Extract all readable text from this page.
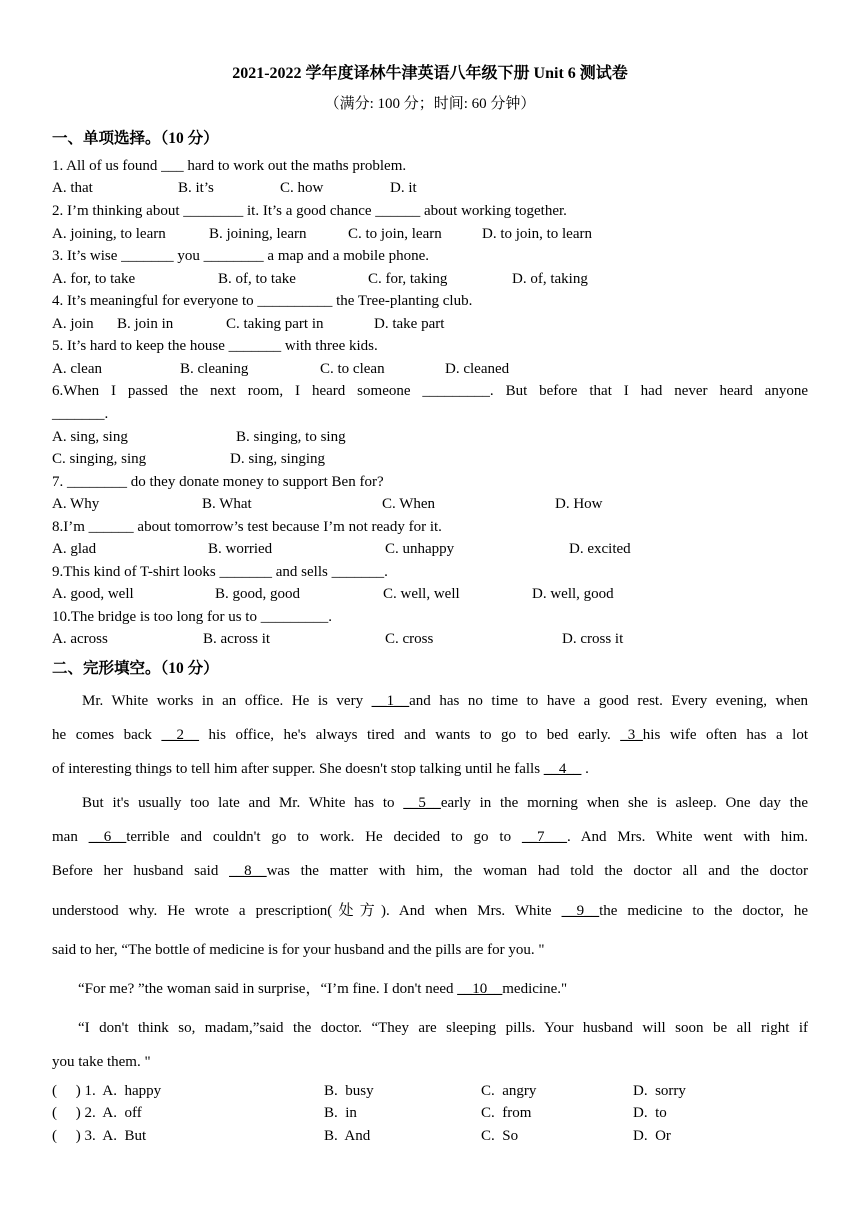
2021-2022 学年度译林牛津英语八年级下册 Unit 6 测试卷
（满分: 100 分；时间: 60 分钟）
一、单项选择。（10 分）
1. All of us found ___ hard to work out the maths problem.
A. that	B. it’s	C. how	D. it
2. I’m thinking about ________ it. It’s a good chance ______ about working together.
A. joining, to learn	B. joining, learn	C. to join, learn	D. to join, to learn
3. It’s wise _______ you ________ a map and a mobile phone.
A. for, to take	B. of, to take	C. for, taking	D. of, taking
4. It’s meaningful for everyone to __________ the Tree-planting club.
A. join B. join in	C. taking part in	D. take part
5. It’s hard to keep the house _______ with three kids.
A. clean	B. cleaning	C. to clean	D. cleaned
6.When I passed the next room, I heard someone _________. But before that I had never heard anyone
_______.
A. sing, sing	B. singing, to sing
C. singing, sing	D. sing, singing
7. ________ do they donate money to support Ben for?
A. Why	B. What	C. When	D. How
8.I’m ______ about tomorrow’s test because I’m not ready for it.
A. glad	B. worried	C. unhappy	D. excited
9.This kind of T-shirt looks _______ and sells _______.
A. good, well	B. good, good	C. well, well	D. well, good
10.The bridge is too long for us to _________.
A. across	B. across it	C. cross	D. cross it
二、完形填空。（10 分）
Mr. White works in an office. He is very __1__and has no time to have a good rest. Every evening, when
he comes back __2__ his office, he's always tired and wants to go to bed early. _3_his wife often has a lot
of interesting things to tell him after supper. She doesn't stop talking until he falls __4__ .
But it's usually too late and Mr. White has to __5__early in the morning when she is asleep. One day the
man __6__terrible and couldn't go to work. He decided to go to __7___. And Mrs. White went with him.
Before her husband said __8__was the matter with him, the woman had told the doctor all and the doctor
understood why. He wrote a prescription(处方). And when Mrs. White __9__the medicine to the doctor, he
said to her, “The bottle of medicine is for your husband and the pills are for you. "
“For me? ”the woman said in surprise，“I’m fine. I don't need __10__medicine."
“I don't think so, madam,”said the doctor. “They are sleeping pills. Your husband will soon be all right if
you take them. "
(     ) 1.  A.  happy	B.  busy	C.  angry	D.  sorry
(     ) 2.  A.  off	B.  in	C.  from	D.  to
(     ) 3.  A.  But	B.  And	C.  So	D.  Or
